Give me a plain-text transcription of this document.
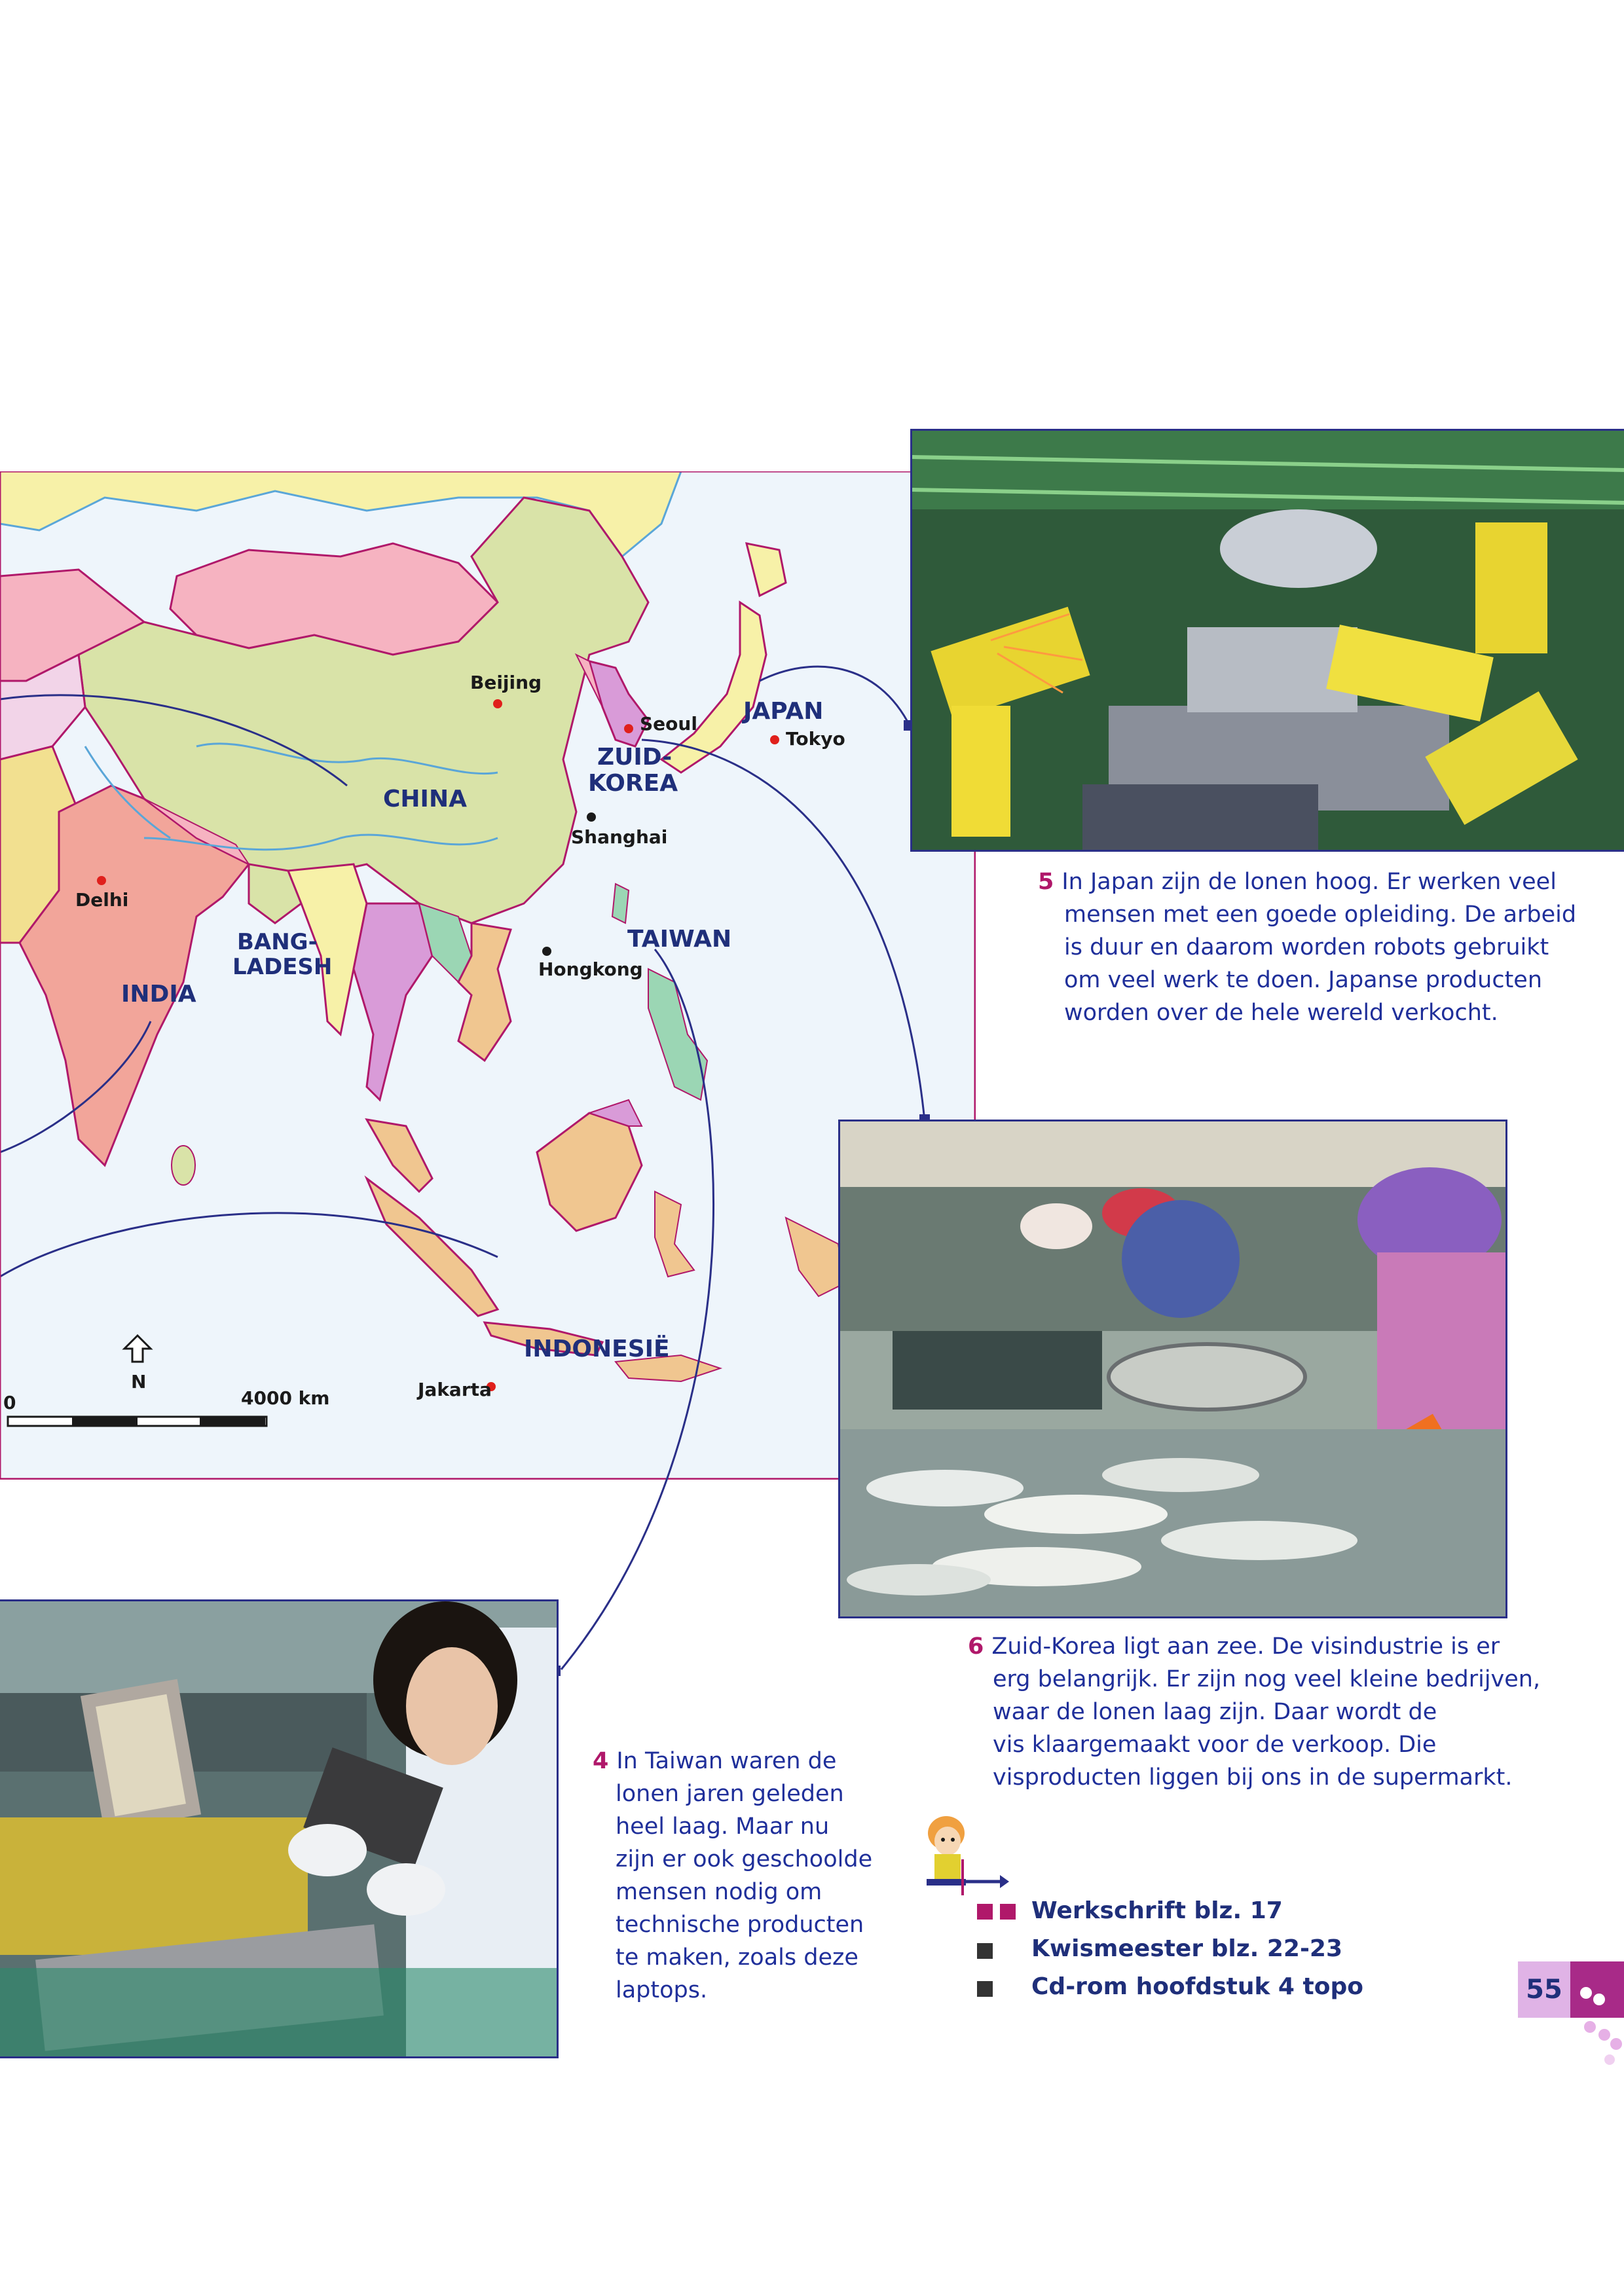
CHINA
INDIA
BANG-
LADESH
ZUID-
KOREA
JAPAN
TAIWAN
INDONESIË
Beijing
Seoul
Tokyo
Shanghai
Delhi
Hongkong
Jakarta
N
0	4000 km
5 In Japan zijn de lonen hoog. Er werken veel
mensen met een goede opleiding. De arbeid
is duur en daarom worden robots gebruikt
om veel werk te doen. Japanse producten
worden over de hele wereld verkocht.
6 Zuid-Korea ligt aan zee. De visindustrie is er
erg belangrijk. Er zijn nog veel kleine bedrijven,
waar de lonen laag zijn. Daar wordt de
vis klaargemaakt voor de verkoop. Die
visproducten liggen bij ons in de supermarkt.
4 In Taiwan waren de
lonen jaren geleden
heel laag. Maar nu
zijn er ook geschoolde
mensen nodig om
technische producten
te maken, zoals deze
laptops.
Werkschrift blz. 17
Kwismeester blz. 22-23
Cd-rom hoofdstuk 4 topo	55
